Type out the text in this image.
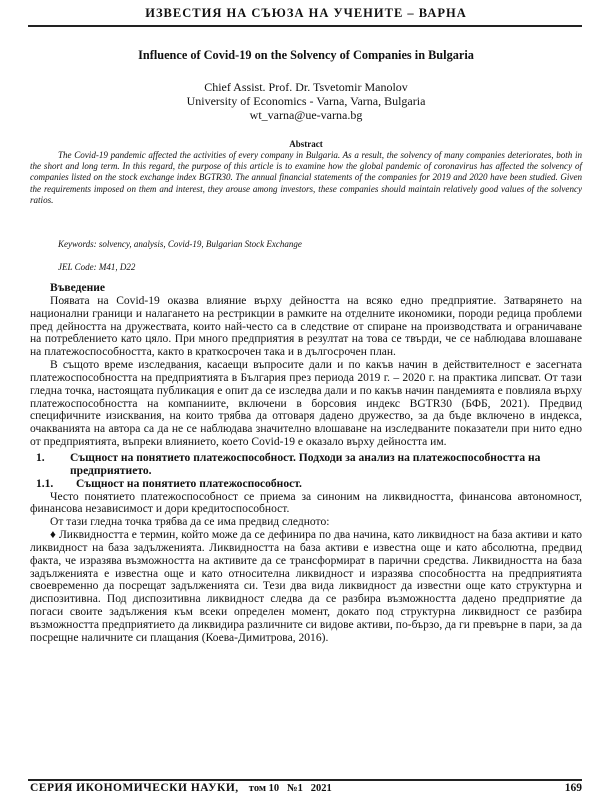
ИЗВЕСТИЯ НА СЪЮЗА НА УЧЕНИТЕ – ВАРНА
Influence of Covid-19 on the Solvency of Companies in Bulgaria
Chief Assist. Prof. Dr. Tsvetomir Manolov
University of Economics - Varna, Varna, Bulgaria
wt_varna@ue-varna.bg
Abstract
The Covid-19 pandemic affected the activities of every company in Bulgaria. As a result, the solvency of many companies deteriorates, both in the short and long term. In this regard, the purpose of this article is to examine how the global pandemic of coronavirus has affected the solvency of companies listed on the stock exchange index BGTR30. The annual financial statements of the companies for 2019 and 2020 have been studied. Given the requirements imposed on them and interest, they arouse among investors, these companies should maintain relatively good values of the solvency ratios.
Keywords: solvency, analysis, Covid-19, Bulgarian Stock Exchange
JEL Code: M41, D22

Въведение

Появата на Covid-19 оказва влияние върху дейността на всяко едно предприятие. Затварянето на национални граници и налагането на рестрикции в рамките на отделните икономики, породи редица проблеми пред дейността на дружествата, които най-често са в следствие от спиране на производствата и ограничаване на потреблението като цяло. При много предприятия в резултат на това се твърди, че се наблюдава влошаване на платежоспособността, както в краткосрочен така и в дългосрочен план.

В същото време изследвания, касаещи въпросите дали и по какъв начин в действителност е засегната платежоспособността на предприятията в България през периода 2019 г. – 2020 г. на практика липсват. От тази гледна точка, настоящата публикация е опит да се изследва дали и по какъв начин пандемията е повлияла върху платежоспособността на компаниите, включени в борсовия индекс BGTR30 (БФБ, 2021). Предвид специфичните изисквания, на които трябва да отговаря дадено дружество, за да бъде включено в индекса, очакванията на автора са да не се наблюдава значително влошаване на изследваните показатели при нито едно от предприятията, въпреки влиянието, което Covid-19 е оказало върху дейността им.

1.	Същност на понятието платежоспособност. Подходи за анализ на платежоспособността на предприятието.
1.1.	Същност на понятието платежоспособност.

Често понятието платежоспособност се приема за синоним на ликвидността, финансова автономност, финансова независимост и дори кредитоспособност.

От тази гледна точка трябва да се има предвид следното:

♦ Ликвидността е термин, който може да се дефинира по два начина, като ликвидност на база активи и като ликвидност на база задълженията. Ликвидността на база активи е известна още и като абсолютна, предвид факта, че изразява възможността на активите да се трансформират в парични средства. Ликвидността на база задълженията е известна още и като относителна ликвидност и изразява способността на предприятията своевременно да посрещат задълженията си. Тези два вида ликвидност да известни още като структурна и диспозитивна. Под диспозитивна ликвидност следва да се разбира възможността дадено предприятие да погаси своите задължения към всеки определен момент, докато под структурна ликвидност се разбира възможността предприятието да ликвидира различните си видове активи, по-бързо, да ги превърне в пари, за да посрещне наличните си плащания (Коева-Димитрова, 2016).

СЕРИЯ ИКОНОМИЧЕСКИ НАУКИ, том 10   №1   2021	169
